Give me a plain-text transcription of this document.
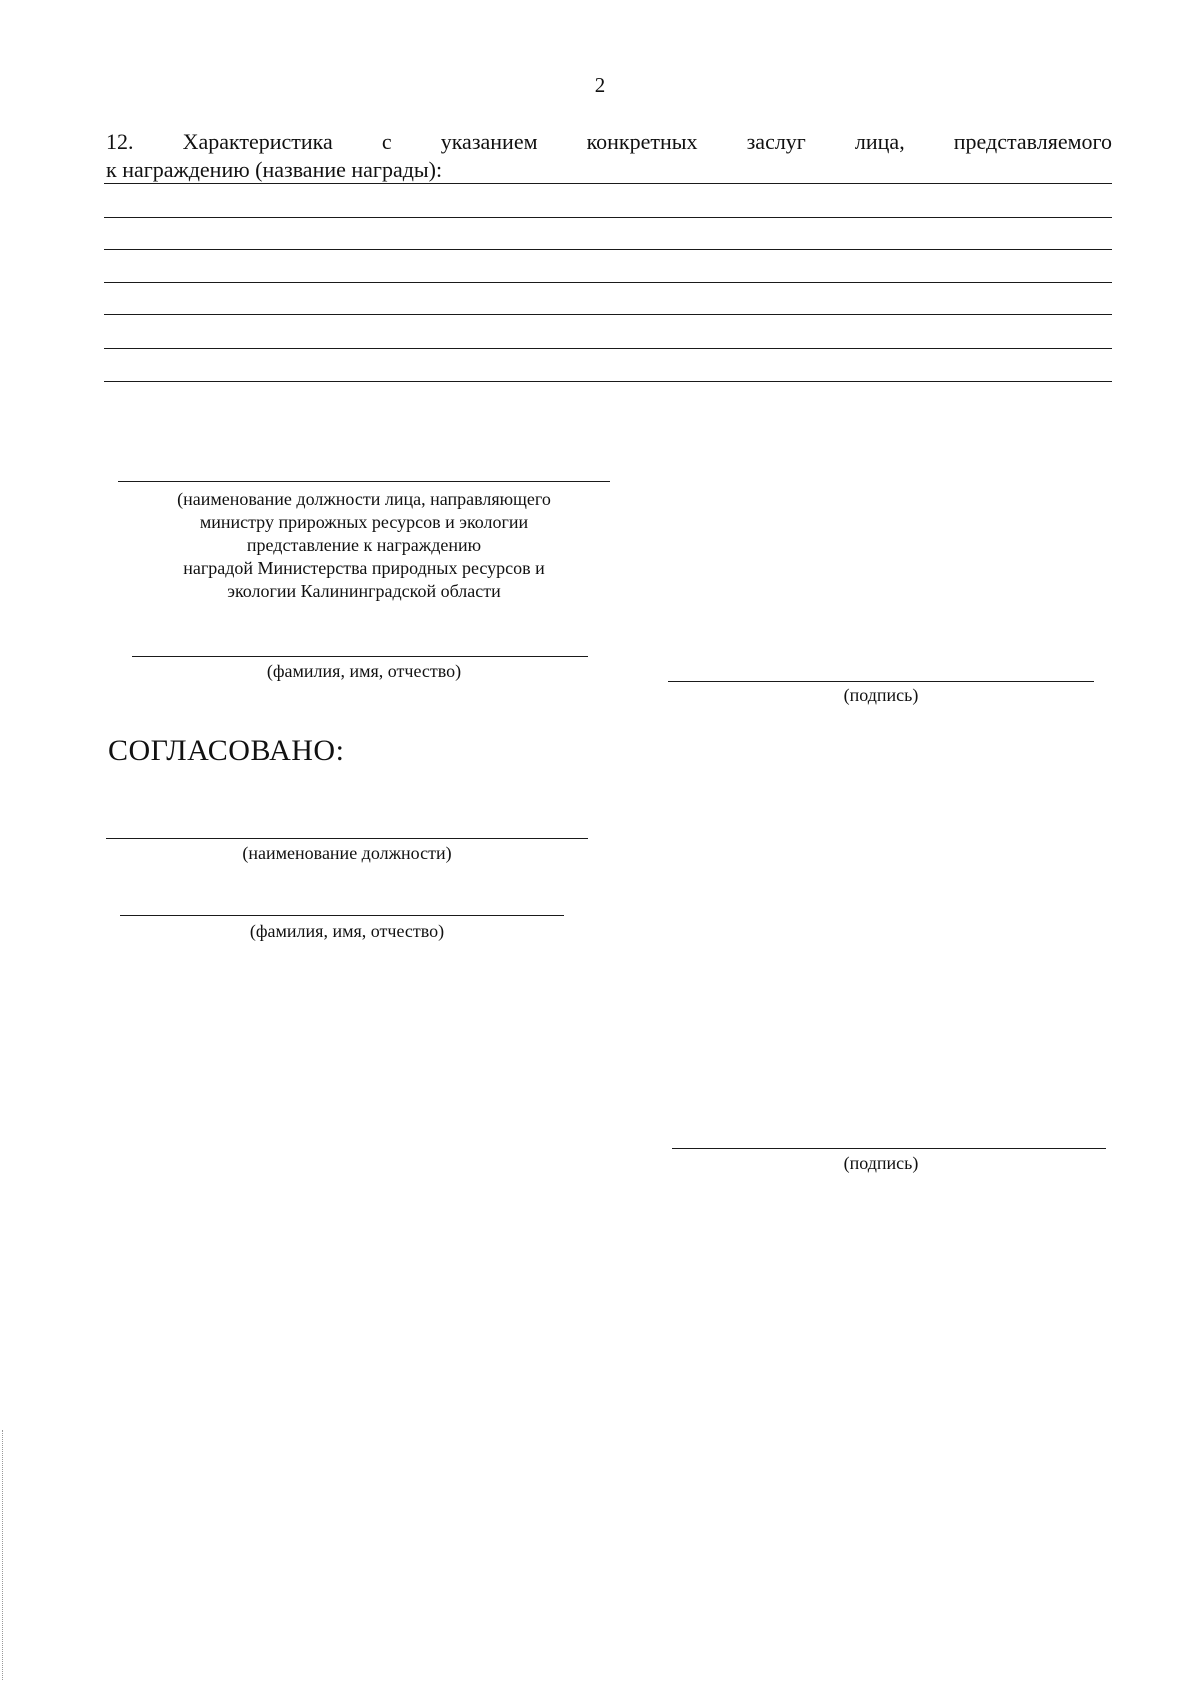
2
12. Характеристика с указанием конкретных заслуг лица, представляемого
к награждению (название награды):
(наименование должности лица, направляющего
министру прирожных ресурсов и экологии
представление к награждению
наградой Министерства природных ресурсов и
экологии Калининградской области
(фамилия, имя, отчество)
(подпись)
СОГЛАСОВАНО:
(наименование должности)
(фамилия, имя, отчество)
(подпись)
